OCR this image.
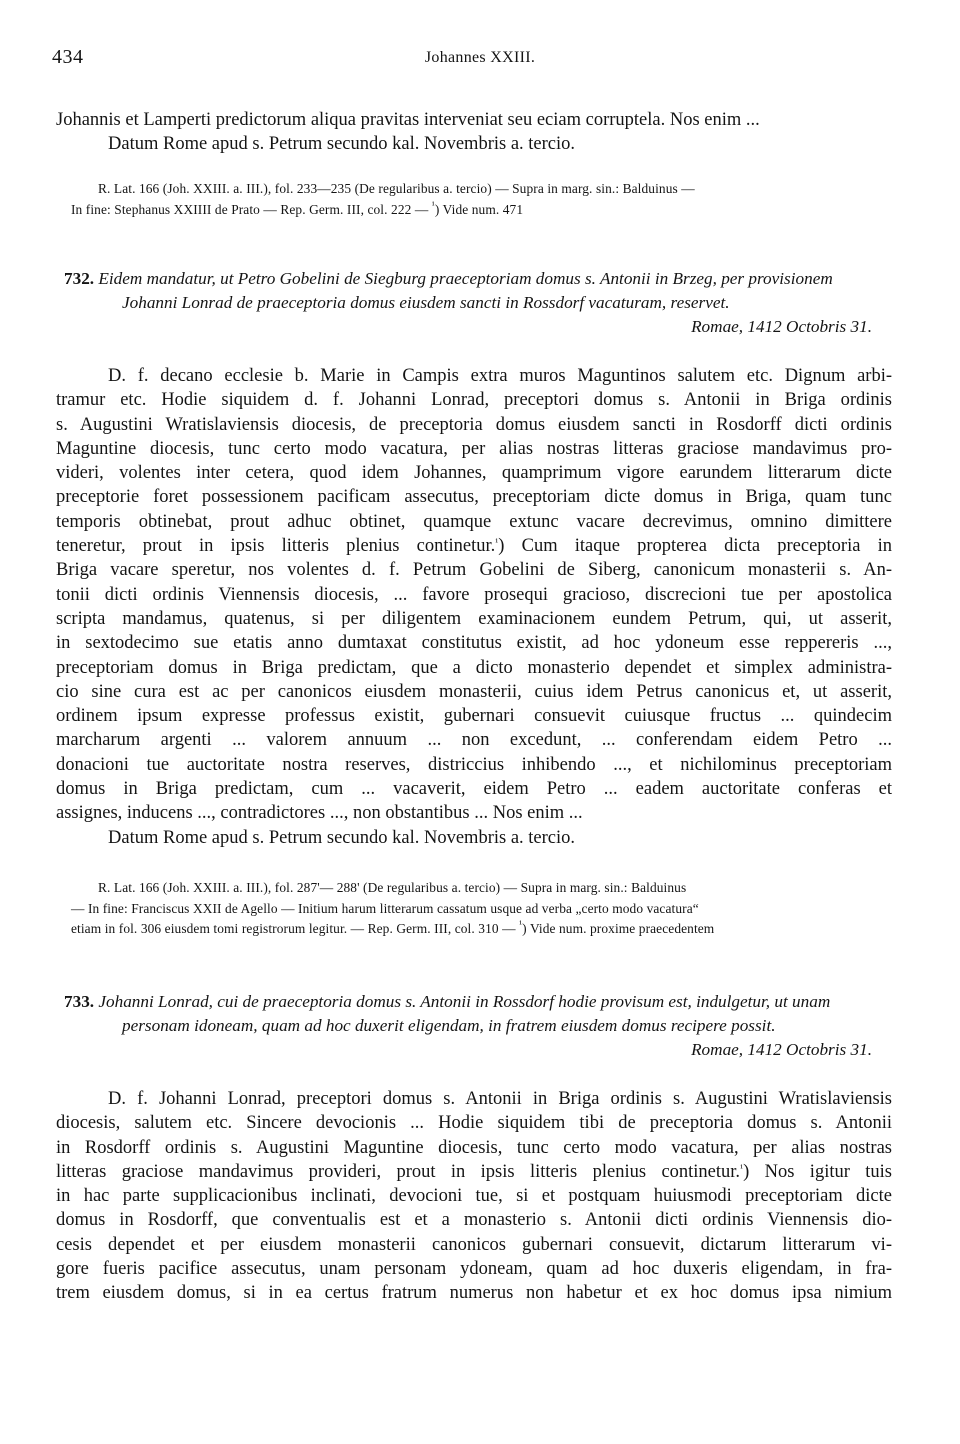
434	Johannes XXIII.
Johannis et Lamperti predictorum aliqua pravitas interveniat seu eciam corruptela. Nos enim ...
Datum Rome apud s. Petrum secundo kal. Novembris a. tercio.
R. Lat. 166 (Joh. XXIII. a. III.), fol. 233—235 (De regularibus a. tercio) — Supra in marg. sin.: Balduinus —
In fine: Stephanus XXIIII de Prato — Rep. Germ. III, col. 222 — $^{^1}$) Vide num. 471
732. Eidem mandatur, ut Petro Gobelini de Siegburg praeceptoriam domus s. Antonii in Brzeg, per provisionem
Johanni Lonrad de praeceptoria domus eiusdem sancti in Rossdorf vacaturam, reservet.
Romae, 1412 Octobris 31.
D. f. decano ecclesie b. Marie in Campis extra muros Maguntinos salutem etc. Dignum arbi-
tramur etc. Hodie siquidem d. f. Johanni Lonrad, preceptori domus s. Antonii in Briga ordinis
s. Augustini Wratislaviensis diocesis, de preceptoria domus eiusdem sancti in Rosdorff dicti ordinis
Maguntine diocesis, tunc certo modo vacatura, per alias nostras litteras graciose mandavimus pro-
videri, volentes inter cetera, quod idem Johannes, quamprimum vigore earundem litterarum dicte
preceptorie foret possessionem pacificam assecutus, preceptoriam dicte domus in Briga, quam tunc
temporis obtinebat, prout adhuc obtinet, quamque extunc vacare decrevimus, omnino dimittere
teneretur, prout in ipsis litteris plenius continetur.$^{^1}$) Cum itaque propterea dicta preceptoria in
Briga vacare speretur, nos volentes d. f. Petrum Gobelini de Siberg, canonicum monasterii s. An-
tonii dicti ordinis Viennensis diocesis, ... favore prosequi gracioso, discrecioni tue per apostolica
scripta mandamus, quatenus, si per diligentem examinacionem eundem Petrum, qui, ut asserit,
in sextodecimo sue etatis anno dumtaxat constitutus existit, ad hoc ydoneum esse reppereris ...,
preceptoriam domus in Briga predictam, que a dicto monasterio dependet et simplex administra-
cio sine cura est ac per canonicos eiusdem monasterii, cuius idem Petrus canonicus et, ut asserit,
ordinem ipsum expresse professus existit, gubernari consuevit cuiusque fructus ... quindecim
marcharum argenti ... valorem annuum ... non excedunt, ... conferendam eidem Petro ...
donacioni tue auctoritate nostra reserves, districcius inhibendo ..., et nichilominus preceptoriam
domus in Briga predictam, cum ... vacaverit, eidem Petro ... eadem auctoritate conferas et
assignes, inducens ..., contradictores ..., non obstantibus ... Nos enim ...
Datum Rome apud s. Petrum secundo kal. Novembris a. tercio.
R. Lat. 166 (Joh. XXIII. a. III.), fol. 287'— 288' (De regularibus a. tercio) — Supra in marg. sin.: Balduinus
— In fine: Franciscus XXII de Agello — Initium harum litterarum cassatum usque ad verba „certo modo vacatura“
etiam in fol. 306 eiusdem tomi registrorum legitur. — Rep. Germ. III, col. 310 — $^{^1}$) Vide num. proxime praecedentem
733. Johanni Lonrad, cui de praeceptoria domus s. Antonii in Rossdorf hodie provisum est, indulgetur, ut unam
personam idoneam, quam ad hoc duxerit eligendam, in fratrem eiusdem domus recipere possit.
Romae, 1412 Octobris 31.
D. f. Johanni Lonrad, preceptori domus s. Antonii in Briga ordinis s. Augustini Wratislaviensis
diocesis, salutem etc. Sincere devocionis ... Hodie siquidem tibi de preceptoria domus s. Antonii
in Rosdorff ordinis s. Augustini Maguntine diocesis, tunc certo modo vacatura, per alias nostras
litteras graciose mandavimus provideri, prout in ipsis litteris plenius continetur.$^{^1}$) Nos igitur tuis
in hac parte supplicacionibus inclinati, devocioni tue, si et postquam huiusmodi preceptoriam dicte
domus in Rosdorff, que conventualis est et a monasterio s. Antonii dicti ordinis Viennensis dio-
cesis dependet et per eiusdem monasterii canonicos gubernari consuevit, dictarum litterarum vi-
gore fueris pacifice assecutus, unam personam ydoneam, quam ad hoc duxeris eligendam, in fra-
trem eiusdem domus, si in ea certus fratrum numerus non habetur et ex hoc domus ipsa nimium
